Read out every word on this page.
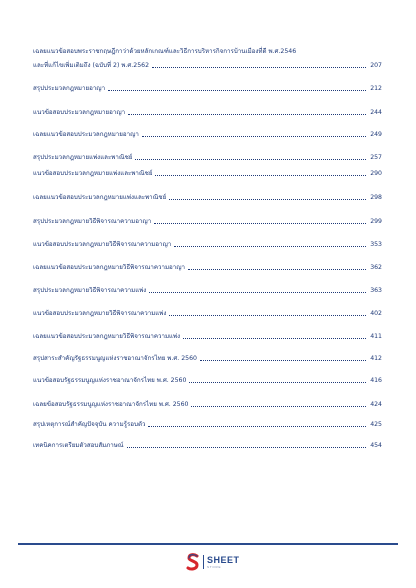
เฉลยแนวข้อสอบพระราชกฤษฎีกาว่าด้วยหลักเกณฑ์และวิธีการบริหารกิจการบ้านเมืองที่ดี พ.ศ.2546
และที่แก้ไขเพิ่มเติมถึง (ฉบับที่ 2) พ.ศ.2562	207
สรุปประมวลกฎหมายอาญา	212
แนวข้อสอบประมวลกฎหมายอาญา	244
เฉลยแนวข้อสอบประมวลกฎหมายอาญา	249
สรุปประมวลกฎหมายแพ่งและพาณิชย์	257
แนวข้อสอบประมวลกฎหมายแพ่งและพาณิชย์	290
เฉลยแนวข้อสอบประมวลกฎหมายแพ่งและพาณิชย์	298
สรุปประมวลกฎหมายวิธีพิจารณาความอาญา	299
แนวข้อสอบประมวลกฎหมายวิธีพิจารณาความอาญา	353
เฉลยแนวข้อสอบประมวลกฎหมายวิธีพิจารณาความอาญา	362
สรุปประมวลกฎหมายวิธีพิจารณาความแพ่ง	363
แนวข้อสอบประมวลกฎหมายวิธีพิจารณาความแพ่ง	402
เฉลยแนวข้อสอบประมวลกฎหมายวิธีพิจารณาความแพ่ง	411
สรุปสาระสำคัญรัฐธรรมนูญแห่งราชอาณาจักรไทย พ.ศ. 2560	412
แนวข้อสอบรัฐธรรมนูญแห่งราชอาณาจักรไทย พ.ศ. 2560	416
เฉลยข้อสอบรัฐธรรมนูญแห่งราชอาณาจักรไทย พ.ศ. 2560	424
สรุปเหตุการณ์สำคัญปัจจุบัน ความรู้รอบตัว	425
เทคนิคการเตรียมตัวสอบสัมภาษณ์	454
SHEET
STORE
